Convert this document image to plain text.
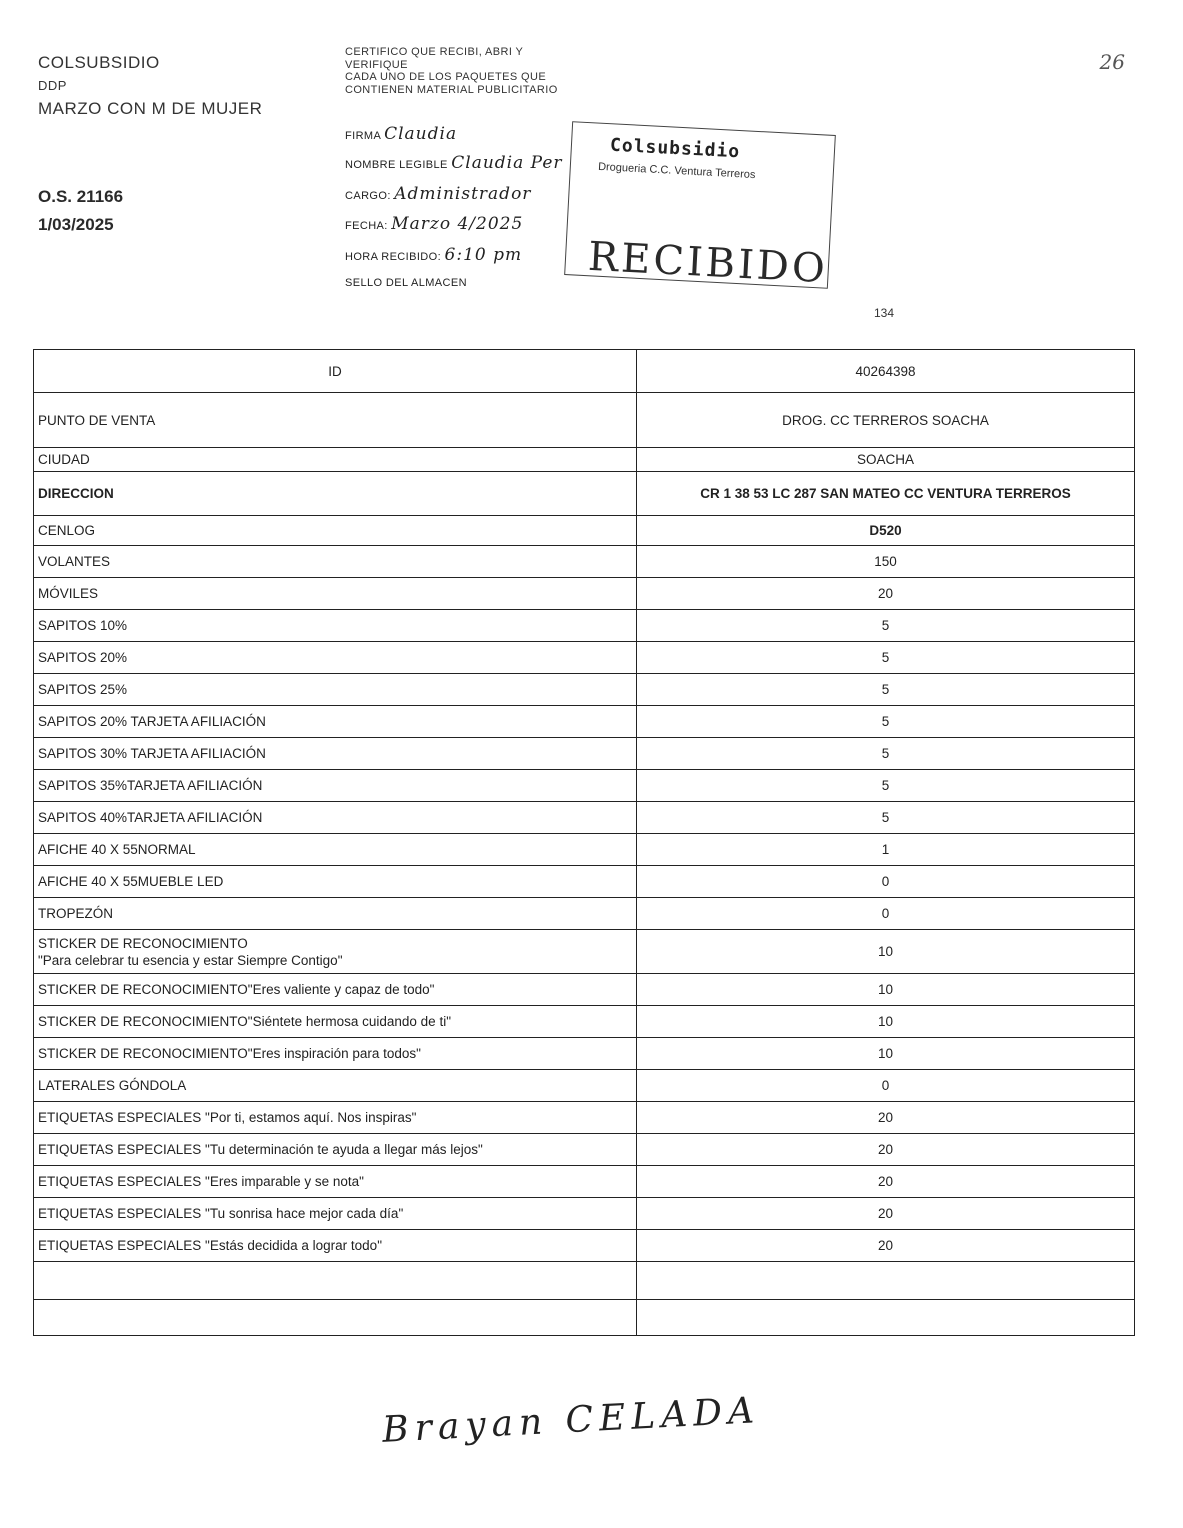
COLSUBSIDIO
DDP
MARZO CON M DE MUJER
O.S. 21166
1/03/2025
CERTIFICO QUE RECIBI, ABRI Y
VERIFIQUE
CADA UNO DE LOS PAQUETES QUE
CONTIENEN MATERIAL PUBLICITARIO
FIRMA Claudia
NOMBRE LEGIBLE Claudia Per
CARGO: Administrador
FECHA: Marzo 4/2025
HORA RECIBIDO: 6:10 pm
SELLO DEL ALMACEN
26
134
Colsubsidio
Drogueria C.C. Ventura Terreros
RECIBIDO
ID	40264398
PUNTO DE VENTA	DROG. CC TERREROS SOACHA
CIUDAD	SOACHA
DIRECCION	CR 1 38 53 LC 287 SAN MATEO CC VENTURA TERREROS
CENLOG	D520
VOLANTES	150
MÓVILES	20
SAPITOS 10%	5
SAPITOS 20%	5
SAPITOS 25%	5
SAPITOS 20% TARJETA AFILIACIÓN	5
SAPITOS 30% TARJETA AFILIACIÓN	5
SAPITOS 35%TARJETA AFILIACIÓN	5
SAPITOS 40%TARJETA AFILIACIÓN	5
AFICHE 40 X 55NORMAL	1
AFICHE 40 X 55MUEBLE LED	0
TROPEZÓN	0

STICKER DE RECONOCIMIENTO
"Para celebrar tu esencia y estar Siempre Contigo"	10
STICKER DE RECONOCIMIENTO"Eres valiente y capaz de todo"	10
STICKER DE RECONOCIMIENTO"Siéntete hermosa cuidando de ti"	10
STICKER DE RECONOCIMIENTO"Eres inspiración para todos"	10
LATERALES GÓNDOLA	0
ETIQUETAS ESPECIALES "Por ti, estamos aquí. Nos inspiras"	20
ETIQUETAS ESPECIALES "Tu determinación te ayuda a llegar más lejos"	20
ETIQUETAS ESPECIALES "Eres imparable y se nota"	20
ETIQUETAS ESPECIALES "Tu sonrisa hace mejor cada día"	20
ETIQUETAS ESPECIALES "Estás decidida a lograr todo"	20

Brayan CELADA
